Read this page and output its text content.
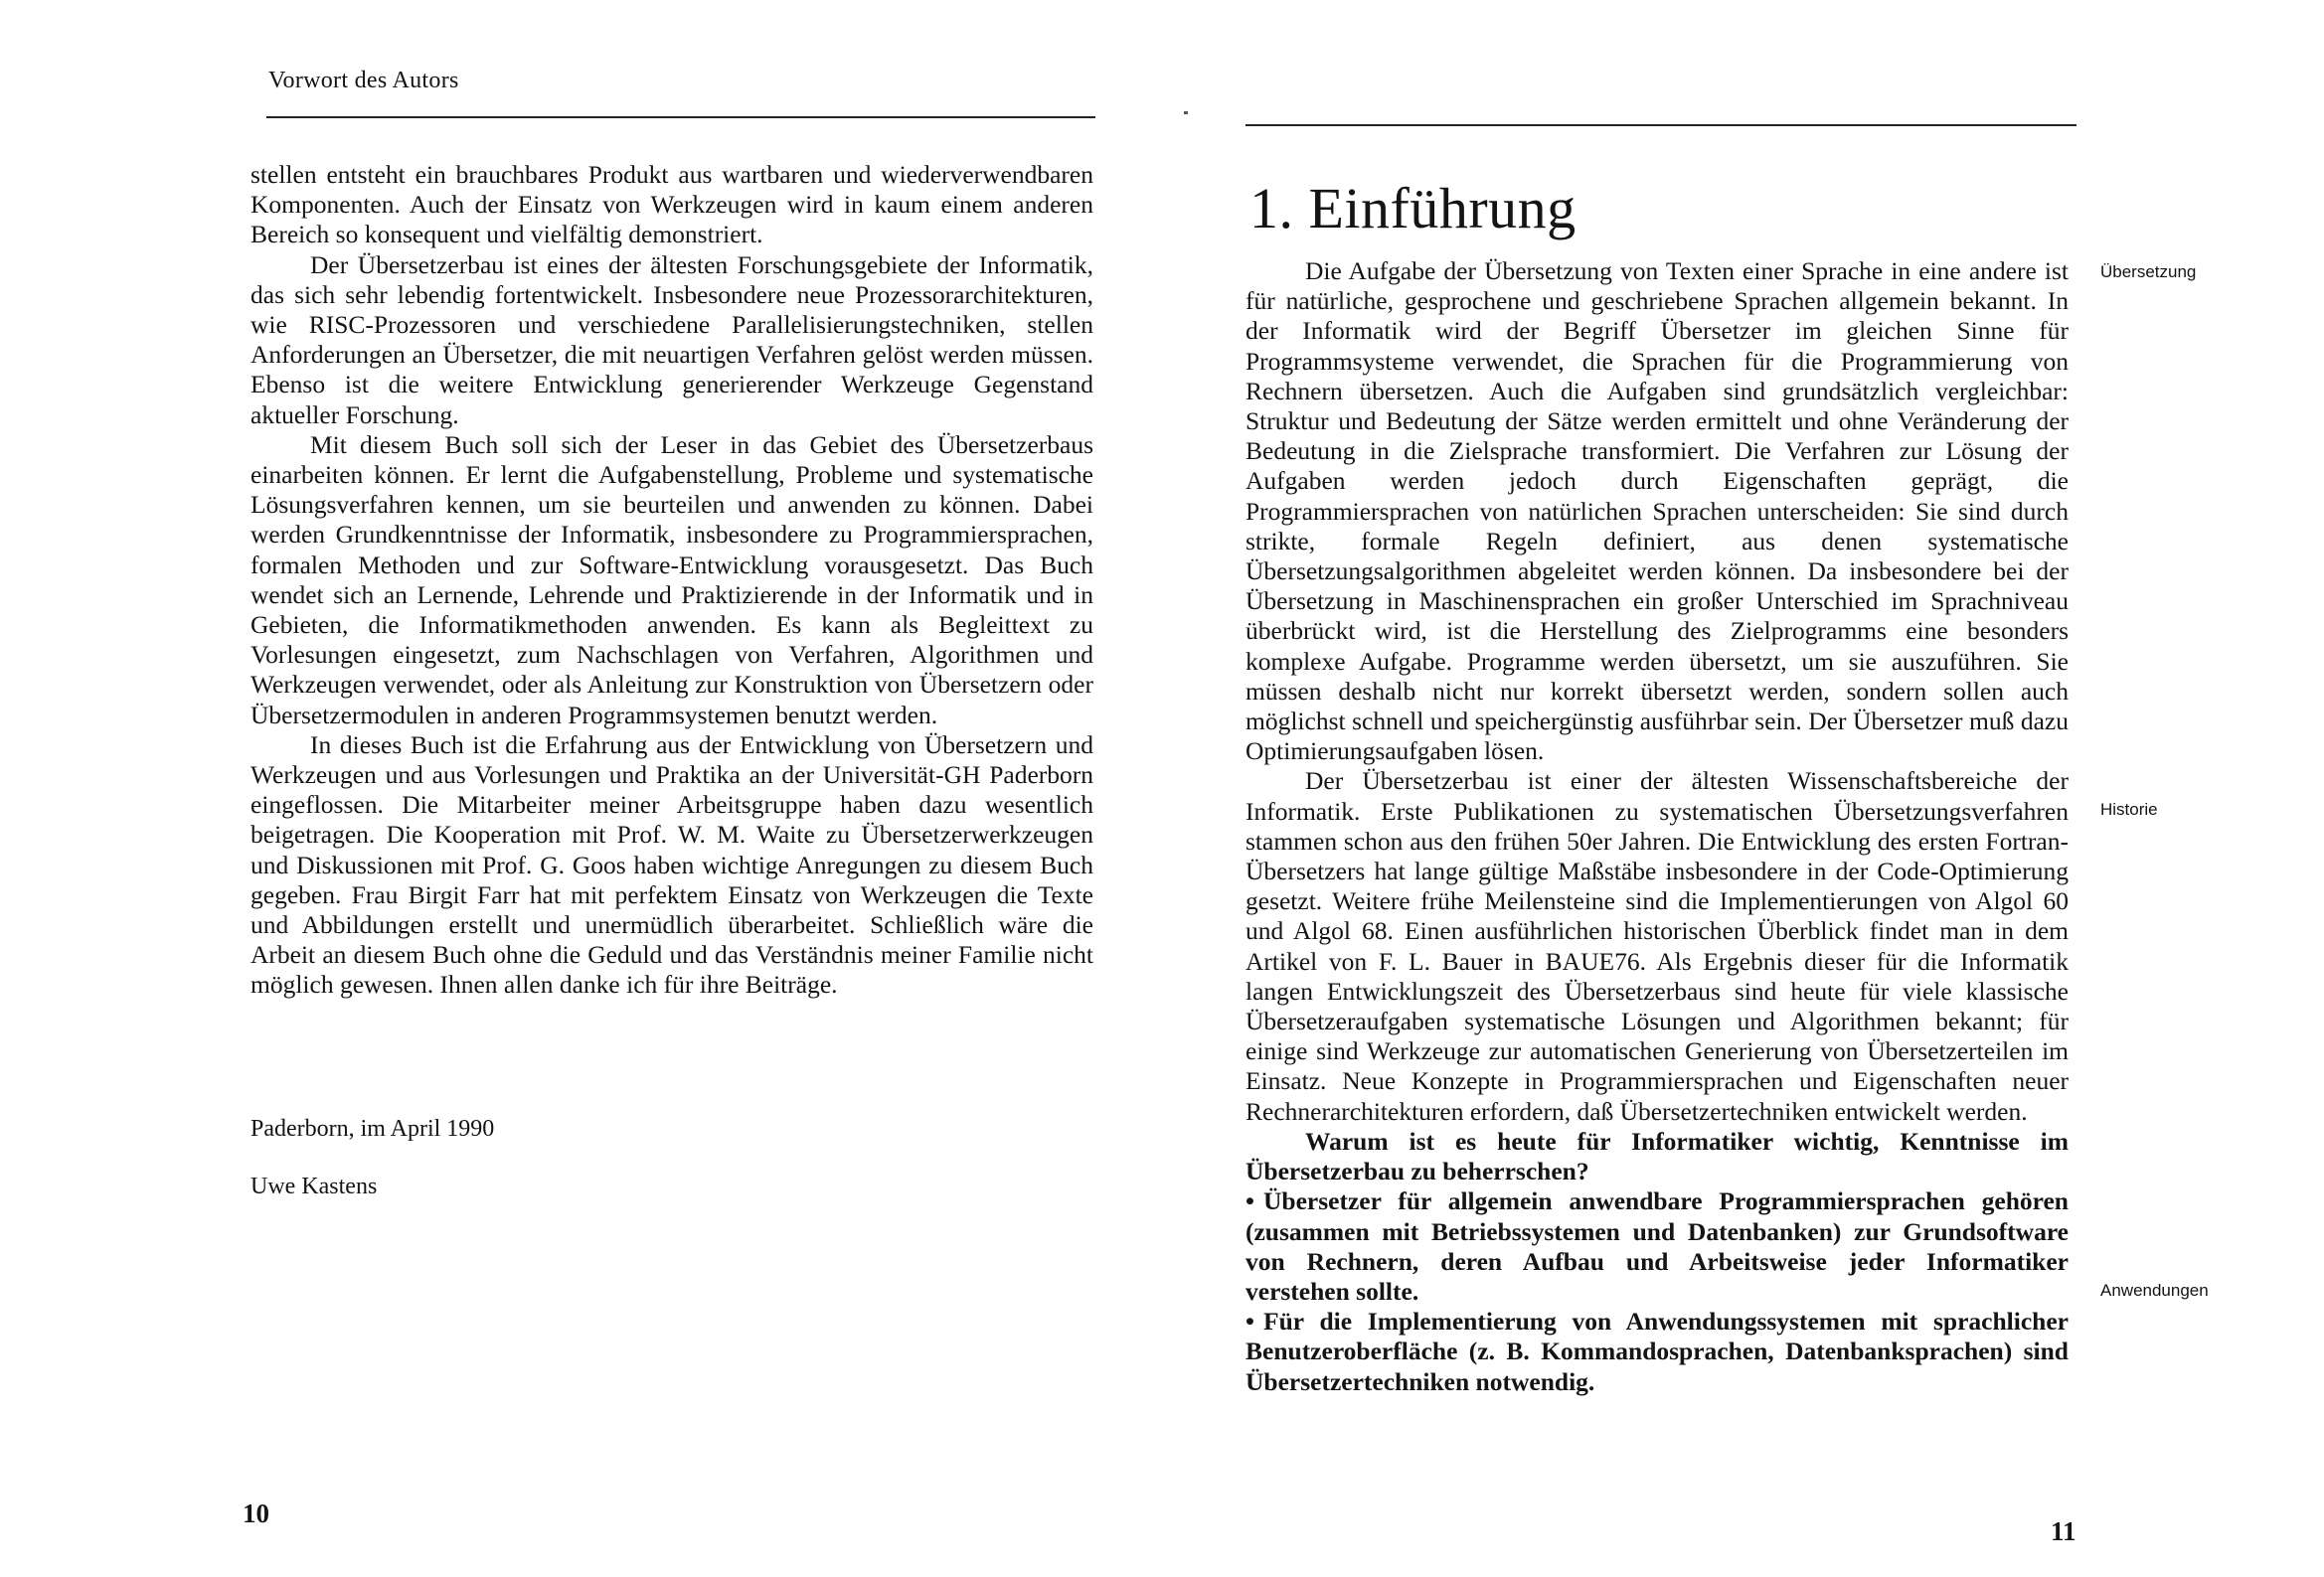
Vorwort des Autors

stellen entsteht ein brauchbares Produkt aus wartbaren und wiederverwendbaren Komponenten. Auch der Einsatz von Werkzeugen wird in kaum einem anderen Bereich so konsequent und vielfältig demonstriert.

Der Übersetzerbau ist eines der ältesten Forschungsgebiete der Informatik, das sich sehr lebendig fortentwickelt. Insbesondere neue Prozessorarchitekturen, wie RISC-Prozessoren und verschiedene Parallelisierungstechniken, stellen Anforderungen an Übersetzer, die mit neuartigen Verfahren gelöst werden müssen. Ebenso ist die weitere Entwicklung generierender Werkzeuge Gegenstand aktueller Forschung.

Mit diesem Buch soll sich der Leser in das Gebiet des Übersetzerbaus einarbeiten können. Er lernt die Aufgabenstellung, Probleme und systematische Lösungsverfahren kennen, um sie beurteilen und anwenden zu können. Dabei werden Grundkenntnisse der Informatik, insbesondere zu Programmiersprachen, formalen Methoden und zur Software-Entwicklung vorausgesetzt. Das Buch wendet sich an Lernende, Lehrende und Praktizierende in der Informatik und in Gebieten, die Informatikmethoden anwenden. Es kann als Begleittext zu Vorlesungen eingesetzt, zum Nachschlagen von Verfahren, Algorithmen und Werkzeugen verwendet, oder als Anleitung zur Konstruktion von Übersetzern oder Übersetzermodulen in anderen Programmsystemen benutzt werden.

In dieses Buch ist die Erfahrung aus der Entwicklung von Übersetzern und Werkzeugen und aus Vorlesungen und Praktika an der Universität-GH Paderborn eingeflossen. Die Mitarbeiter meiner Arbeitsgruppe haben dazu wesentlich beigetragen. Die Kooperation mit Prof. W. M. Waite zu Übersetzerwerkzeugen und Diskussionen mit Prof. G. Goos haben wichtige Anregungen zu diesem Buch gegeben. Frau Birgit Farr hat mit perfektem Einsatz von Werkzeugen die Texte und Abbildungen erstellt und unermüdlich überarbeitet. Schließlich wäre die Arbeit an diesem Buch ohne die Geduld und das Verständnis meiner Familie nicht möglich gewesen. Ihnen allen danke ich für ihre Beiträge.

Paderborn, im April 1990

Uwe Kastens

10

1. Einführung

Die Aufgabe der Übersetzung von Texten einer Sprache in eine andere ist für natürliche, gesprochene und geschriebene Sprachen allgemein bekannt. In der Informatik wird der Begriff Übersetzer im gleichen Sinne für Programmsysteme verwendet, die Sprachen für die Programmierung von Rechnern übersetzen. Auch die Aufgaben sind grundsätzlich vergleichbar: Struktur und Bedeutung der Sätze werden ermittelt und ohne Veränderung der Bedeutung in die Zielsprache transformiert. Die Verfahren zur Lösung der Aufgaben werden jedoch durch Eigenschaften geprägt, die Programmiersprachen von natürlichen Sprachen unterscheiden: Sie sind durch strikte, formale Regeln definiert, aus denen systematische Übersetzungsalgorithmen abgeleitet werden können. Da insbesondere bei der Übersetzung in Maschinensprachen ein großer Unterschied im Sprachniveau überbrückt wird, ist die Herstellung des Zielprogramms eine besonders komplexe Aufgabe. Programme werden übersetzt, um sie auszuführen. Sie müssen deshalb nicht nur korrekt übersetzt werden, sondern sollen auch möglichst schnell und speichergünstig ausführbar sein. Der Übersetzer muß dazu Optimierungsaufgaben lösen.

Der Übersetzerbau ist einer der ältesten Wissenschaftsbereiche der Informatik. Erste Publikationen zu systematischen Übersetzungsverfahren stammen schon aus den frühen 50er Jahren. Die Entwicklung des ersten Fortran-Übersetzers hat lange gültige Maßstäbe insbesondere in der Code-Optimierung gesetzt. Weitere frühe Meilensteine sind die Implementierungen von Algol 60 und Algol 68. Einen ausführlichen historischen Überblick findet man in dem Artikel von F. L. Bauer in BAUE76. Als Ergebnis dieser für die Informatik langen Entwicklungszeit des Übersetzerbaus sind heute für viele klassische Übersetzeraufgaben systematische Lösungen und Algorithmen bekannt; für einige sind Werkzeuge zur automatischen Generierung von Übersetzerteilen im Einsatz. Neue Konzepte in Programmiersprachen und Eigenschaften neuer Rechnerarchitekturen erfordern, daß Übersetzertechniken entwickelt werden.

Warum ist es heute für Informatiker wichtig, Kenntnisse im Übersetzerbau zu beherrschen?

• Übersetzer für allgemein anwendbare Programmiersprachen gehören (zusammen mit Betriebssystemen und Datenbanken) zur Grundsoftware von Rechnern, deren Aufbau und Arbeitsweise jeder Informatiker verstehen sollte.

• Für die Implementierung von Anwendungssystemen mit sprachlicher Benutzeroberfläche (z. B. Kommandosprachen, Datenbanksprachen) sind Übersetzertechniken notwendig.

Übersetzung

Historie

Anwendungen

11
